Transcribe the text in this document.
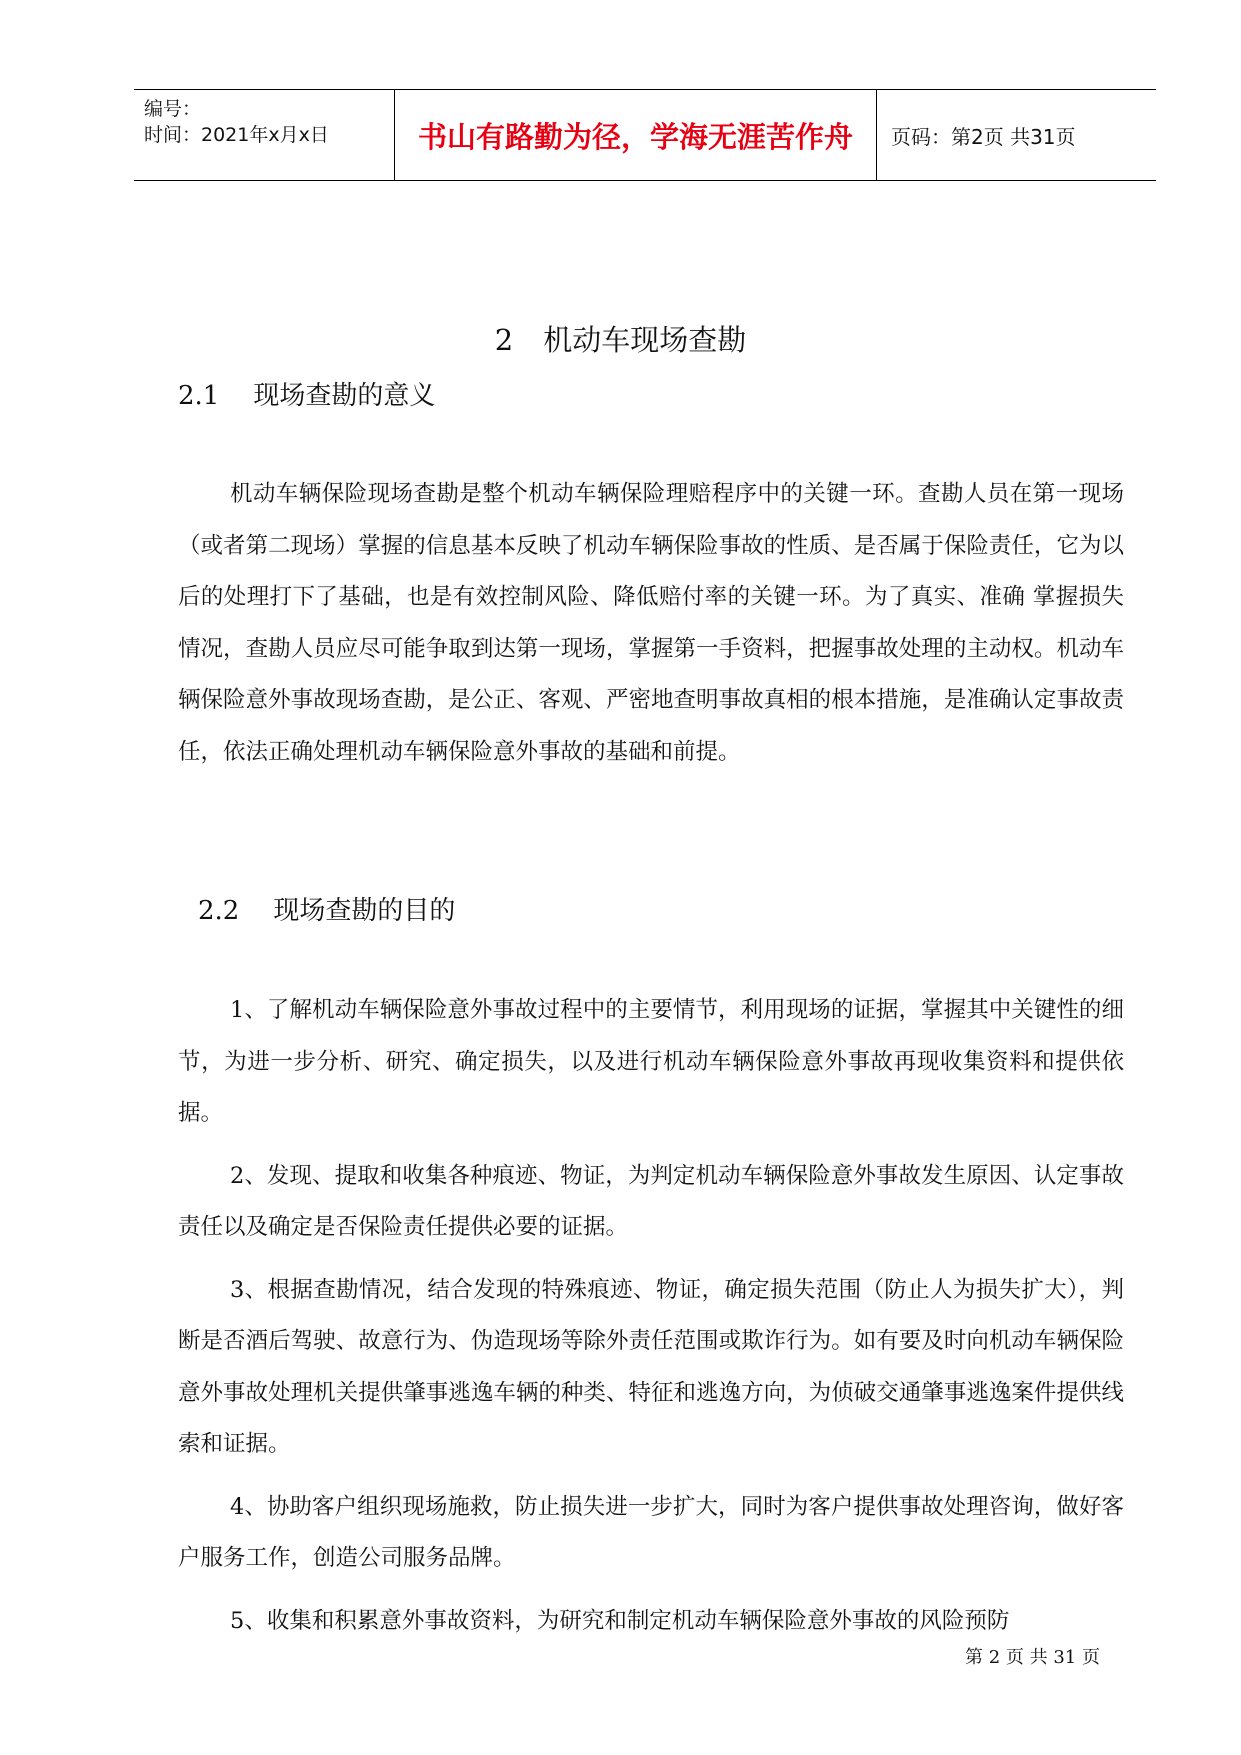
编号：
时间：2021年x月x日	书山有路勤为径，学海无涯苦作舟 页码：第2页 共31页
2 机动车现场查勘
2.1 现场查勘的意义

机动车辆保险现场查勘是整个机动车辆保险理赔程序中的关键一环。查勘人员在第一现场（或者第二现场）掌握的信息基本反映了机动车辆保险事故的性质、是否属于保险责任，它为以后的处理打下了基础，也是有效控制风险、降低赔付率的关键一环。为了真实、准确 掌握损失情况，查勘人员应尽可能争取到达第一现场，掌握第一手资料，把握事故处理的主动权。机动车辆保险意外事故现场查勘，是公正、客观、严密地查明事故真相的根本措施，是准确认定事故责任，依法正确处理机动车辆保险意外事故的基础和前提。

2.2 现场查勘的目的

1、了解机动车辆保险意外事故过程中的主要情节，利用现场的证据，掌握其中关键性的细节，为进一步分析、研究、确定损失，以及进行机动车辆保险意外事故再现收集资料和提供依据。

2、发现、提取和收集各种痕迹、物证，为判定机动车辆保险意外事故发生原因、认定事故责任以及确定是否保险责任提供必要的证据。

3、根据查勘情况，结合发现的特殊痕迹、物证，确定损失范围（防止人为损失扩大），判断是否酒后驾驶、故意行为、伪造现场等除外责任范围或欺诈行为。如有要及时向机动车辆保险意外事故处理机关提供肇事逃逸车辆的种类、特征和逃逸方向，为侦破交通肇事逃逸案件提供线索和证据。

4、协助客户组织现场施救，防止损失进一步扩大，同时为客户提供事故处理咨询，做好客户服务工作，创造公司服务品牌。

5、收集和积累意外事故资料，为研究和制定机动车辆保险意外事故的风险预防

第 2 页 共 31 页
